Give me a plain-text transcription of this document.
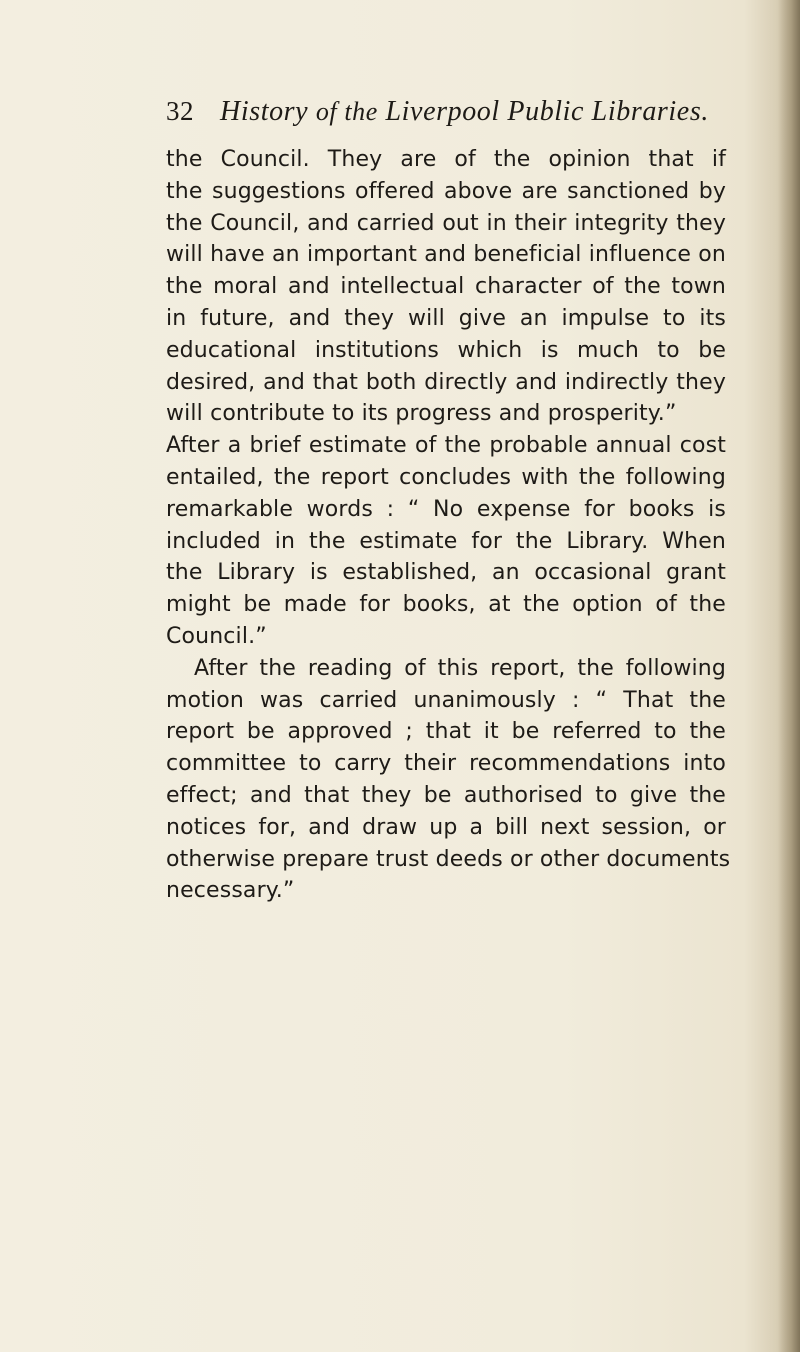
32 History of the Liverpool Public Libraries.
the Council. They are of the opinion that if
the suggestions offered above are sanctioned by
the Council, and carried out in their integrity they
will have an important and beneficial influence on
the moral and intellectual character of the town
in future, and they will give an impulse to its
educational institutions which is much to be
desired, and that both directly and indirectly they
will contribute to its progress and prosperity.”
After a brief estimate of the probable annual cost
entailed, the report concludes with the following
remarkable words : “ No expense for books is
included in the estimate for the Library. When
the Library is established, an occasional grant
might be made for books, at the option of the
Council.”
After the reading of this report, the following
motion was carried unanimously : “ That the
report be approved ; that it be referred to the
committee to carry their recommendations into
effect; and that they be authorised to give the
notices for, and draw up a bill next session, or
otherwise prepare trust deeds or other documents
necessary.”
